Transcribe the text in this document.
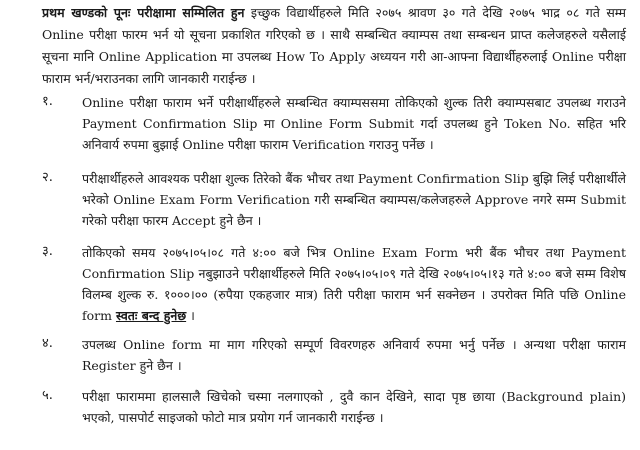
प्रथम खण्डको पूनः परीक्षामा सम्मिलित हुन इच्छुक विद्यार्थीहरुले मिति २०७५ श्रावण ३० गते देखि २०७५ भाद्र ०८ गते सम्म Online परीक्षा फारम भर्न यो सूचना प्रकाशित गरिएको छ । साथै सम्बन्धित क्याम्पस तथा सम्बन्धन प्राप्त कलेजहरुले यसैलाई सूचना मानि Online Application मा उपलब्ध How To Apply अध्ययन गरी आ-आफ्ना विद्यार्थीहरुलाई Online परीक्षा फाराम भर्न/भराउनका लागि जानकारी गराईन्छ ।

१.	Online परीक्षा फाराम भर्ने परीक्षार्थीहरुले सम्बन्धित क्याम्पससमा तोकिएको शुल्क तिरी क्याम्पसबाट उपलब्ध गराउने Payment Confirmation Slip मा Online Form Submit गर्दा उपलब्ध हुने Token No. सहित भरि अनिवार्य रुपमा बुझाई Online परीक्षा फाराम Verification गराउनु पर्नेछ ।
२.	परीक्षार्थीहरुले आवश्यक परीक्षा शुल्क तिरेको बैंक भौचर तथा Payment Confirmation Slip बुझि लिई परीक्षार्थीले भरेको Online Exam Form Verification गरी सम्बन्धित क्याम्पस/कलेजहरुले Approve नगरे सम्म Submit गरेको परीक्षा फारम Accept हुने छैन ।
३.	तोकिएको समय २०७५।०५।०८ गते ४:०० बजे भित्र Online Exam Form भरी बैंक भौचर तथा Payment Confirmation Slip नबुझाउने परीक्षार्थीहरुले मिति २०७५।०५।०९ गते देखि २०७५।०५।१३ गते ४:०० बजे सम्म विशेष विलम्ब शुल्क रु. १०००।०० (रुपैया एकहजार मात्र) तिरी परीक्षा फाराम भर्न सक्नेछन । उपरोक्त मिति पछि Online form स्वतः बन्द हुनेछ ।
४.	उपलब्ध Online form मा माग गरिएको सम्पूर्ण विवरणहरु अनिवार्य रुपमा भर्नु पर्नेछ । अन्यथा परीक्षा फाराम Register हुने छैन ।
५.	परीक्षा फाराममा हालसालै खिचेको चस्मा नलगाएको , दुवै कान देखिने, सादा पृष्ठ छाया (Background plain) भएको, पासपोर्ट साइजको फोटो मात्र प्रयोग गर्न जानकारी गराईन्छ ।
